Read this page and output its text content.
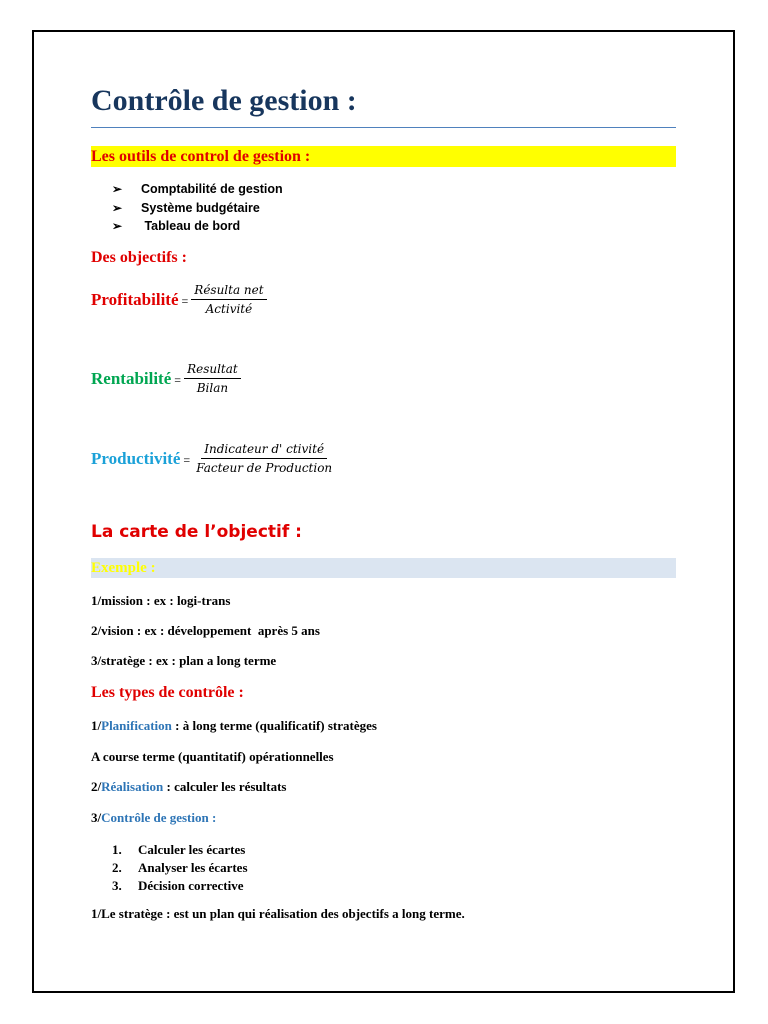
Contrôle de gestion :
Les outils de control de gestion :
➢	Comptabilité de gestion
➢	Système budgétaire
➢	Tableau de bord
Des objectifs :
Profitabilité = $\frac{\text{Résulta net}}{\text{Activité}}$
Rentabilité = $\frac{\text{Resultat}}{\text{Bilan}}$
Productivité = $\frac{\text{Indicateur d' ctivité}}{\text{Facteur de Production}}$
La carte de l’objectif :
Exemple :
1/mission : ex : logi-trans
2/vision : ex : développement  après 5 ans
3/stratège : ex : plan a long terme
Les types de contrôle :
1/Planification : à long terme (qualificatif) stratèges
A course terme (quantitatif) opérationnelles
2/Réalisation : calculer les résultats
3/Contrôle de gestion :
1.	Calculer les écartes
2.	Analyser les écartes
3.	Décision corrective
1/Le stratège : est un plan qui réalisation des objectifs a long terme.
